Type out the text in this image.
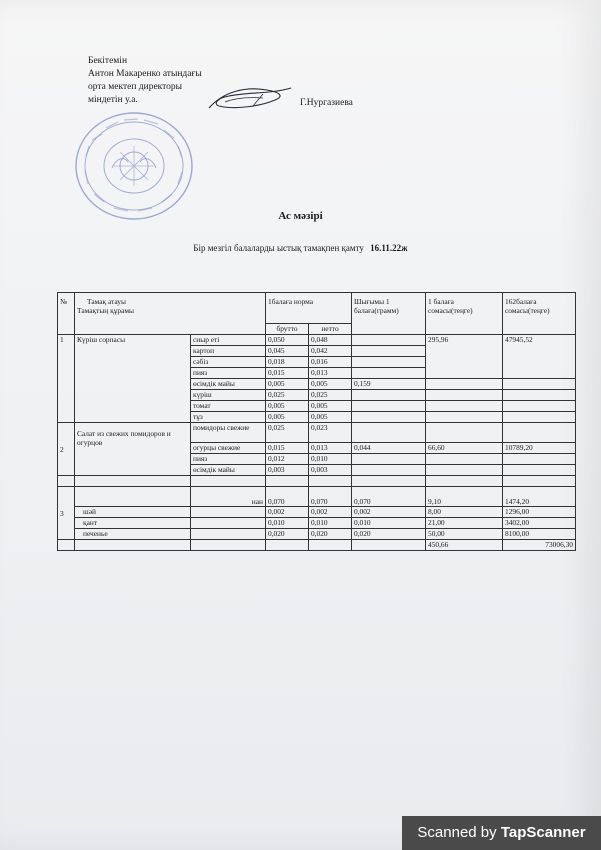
Бекітемін
Антон Макаренко атындағы
орта мектеп директоры
міндетін у.а.	Г.Нургазиева
Ас мәзірі
Бір мезгіл балаларды ыстық тамақпен қамту 16.11.22ж
№	Тамақ атауы
Тамақтың құрамы		1балаға норма		Шығымы 1 балаға(грамм)	1 балаға сомасы(теңге)	162балаға сомасы(теңге)
			брутто	нетто			
1	Күріш сорпасы	сиыр еті	0,050	0,048		295,96	47945,52
		картоп	0,045	0,042			
		сәбіз	0,018	0,016			
		пияз	0,015	0,013			
		өсімдік майы	0,005	0,005	0,159		
		күріш	0,025	0,025			
		томат	0,005	0,005			
		тұз	0,005	0,005			
2	Салат из свежих помидоров и огурцов	помидоры свежие	0,025	0,023			
		огурцы свежие	0,015	0,013	0,044	66,60	10789,20
		пияз	0,012	0,010			
		өсімдік майы	0,003	0,003			

3		нан	0,070	0,070	0,070	9,10	1474,20
	шәй		0,002	0,002	0,002	8,00	1296,00
	қант		0,010	0,010	0,010	21,00	3402,00
	печенье		0,020	0,020	0,020	50,00	8100,00
						450,66	73006,30
Scanned by TapScanner
